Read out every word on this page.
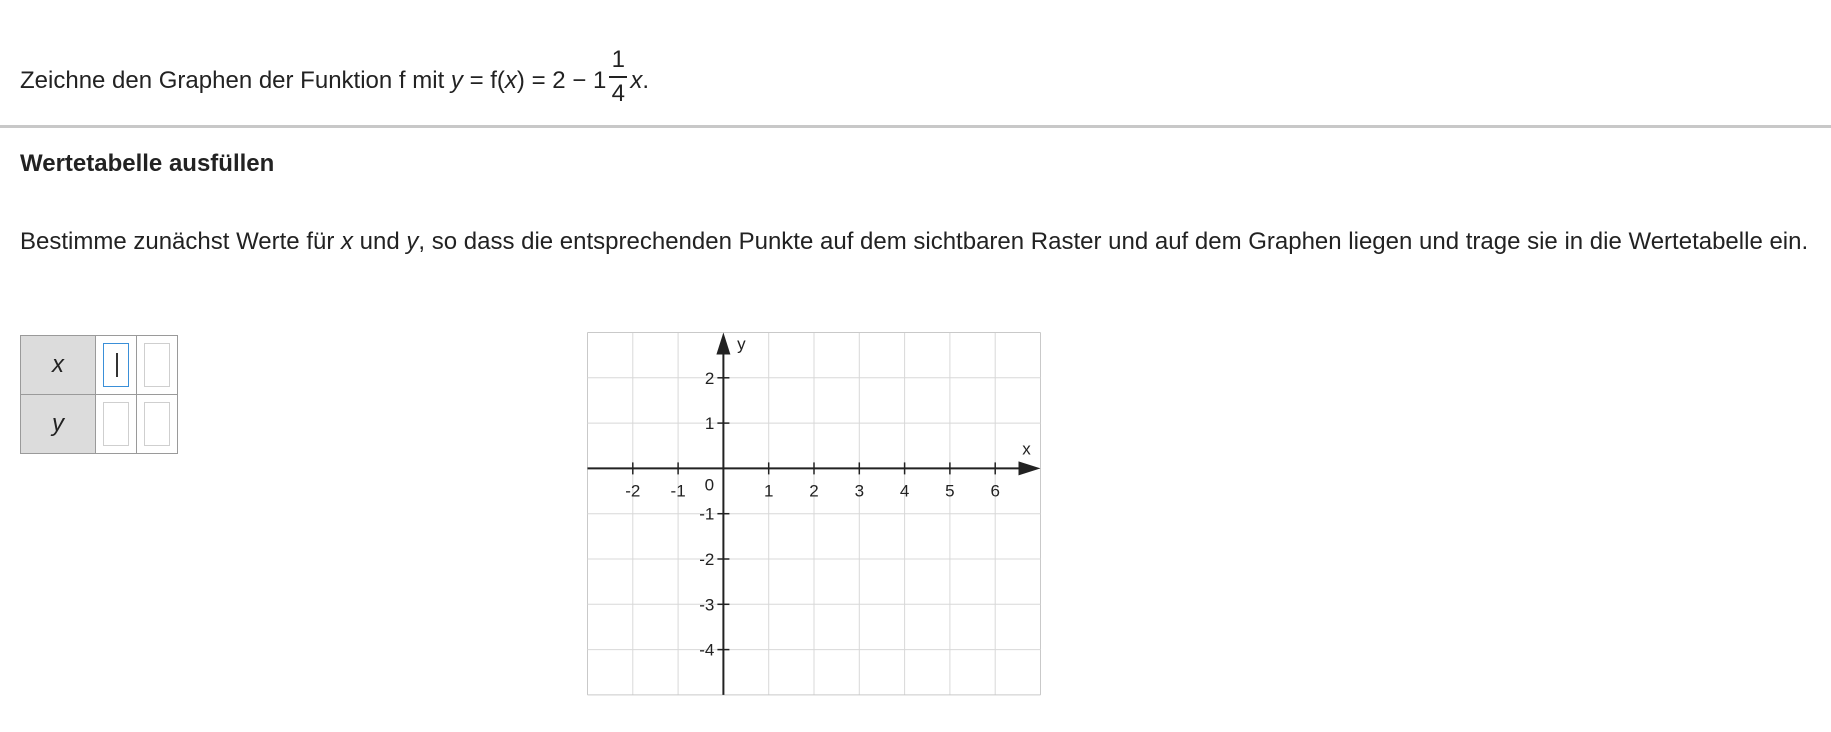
Zeichne den Graphen der Funktion f mit y = f(x ) = $2 - 1 \frac{1}{4} x$.
Wertetabelle ausfüllen
Bestimme zunächst Werte für x und y, so dass die entsprechenden Punkte auf dem sichtbaren Raster und auf dem Graphen liegen und trage sie in die Wertetabelle ein.
x	

y		
-2 -1	1 2 3 4 5 6
2
1
-1
-2
-3
-4
0
x
y
